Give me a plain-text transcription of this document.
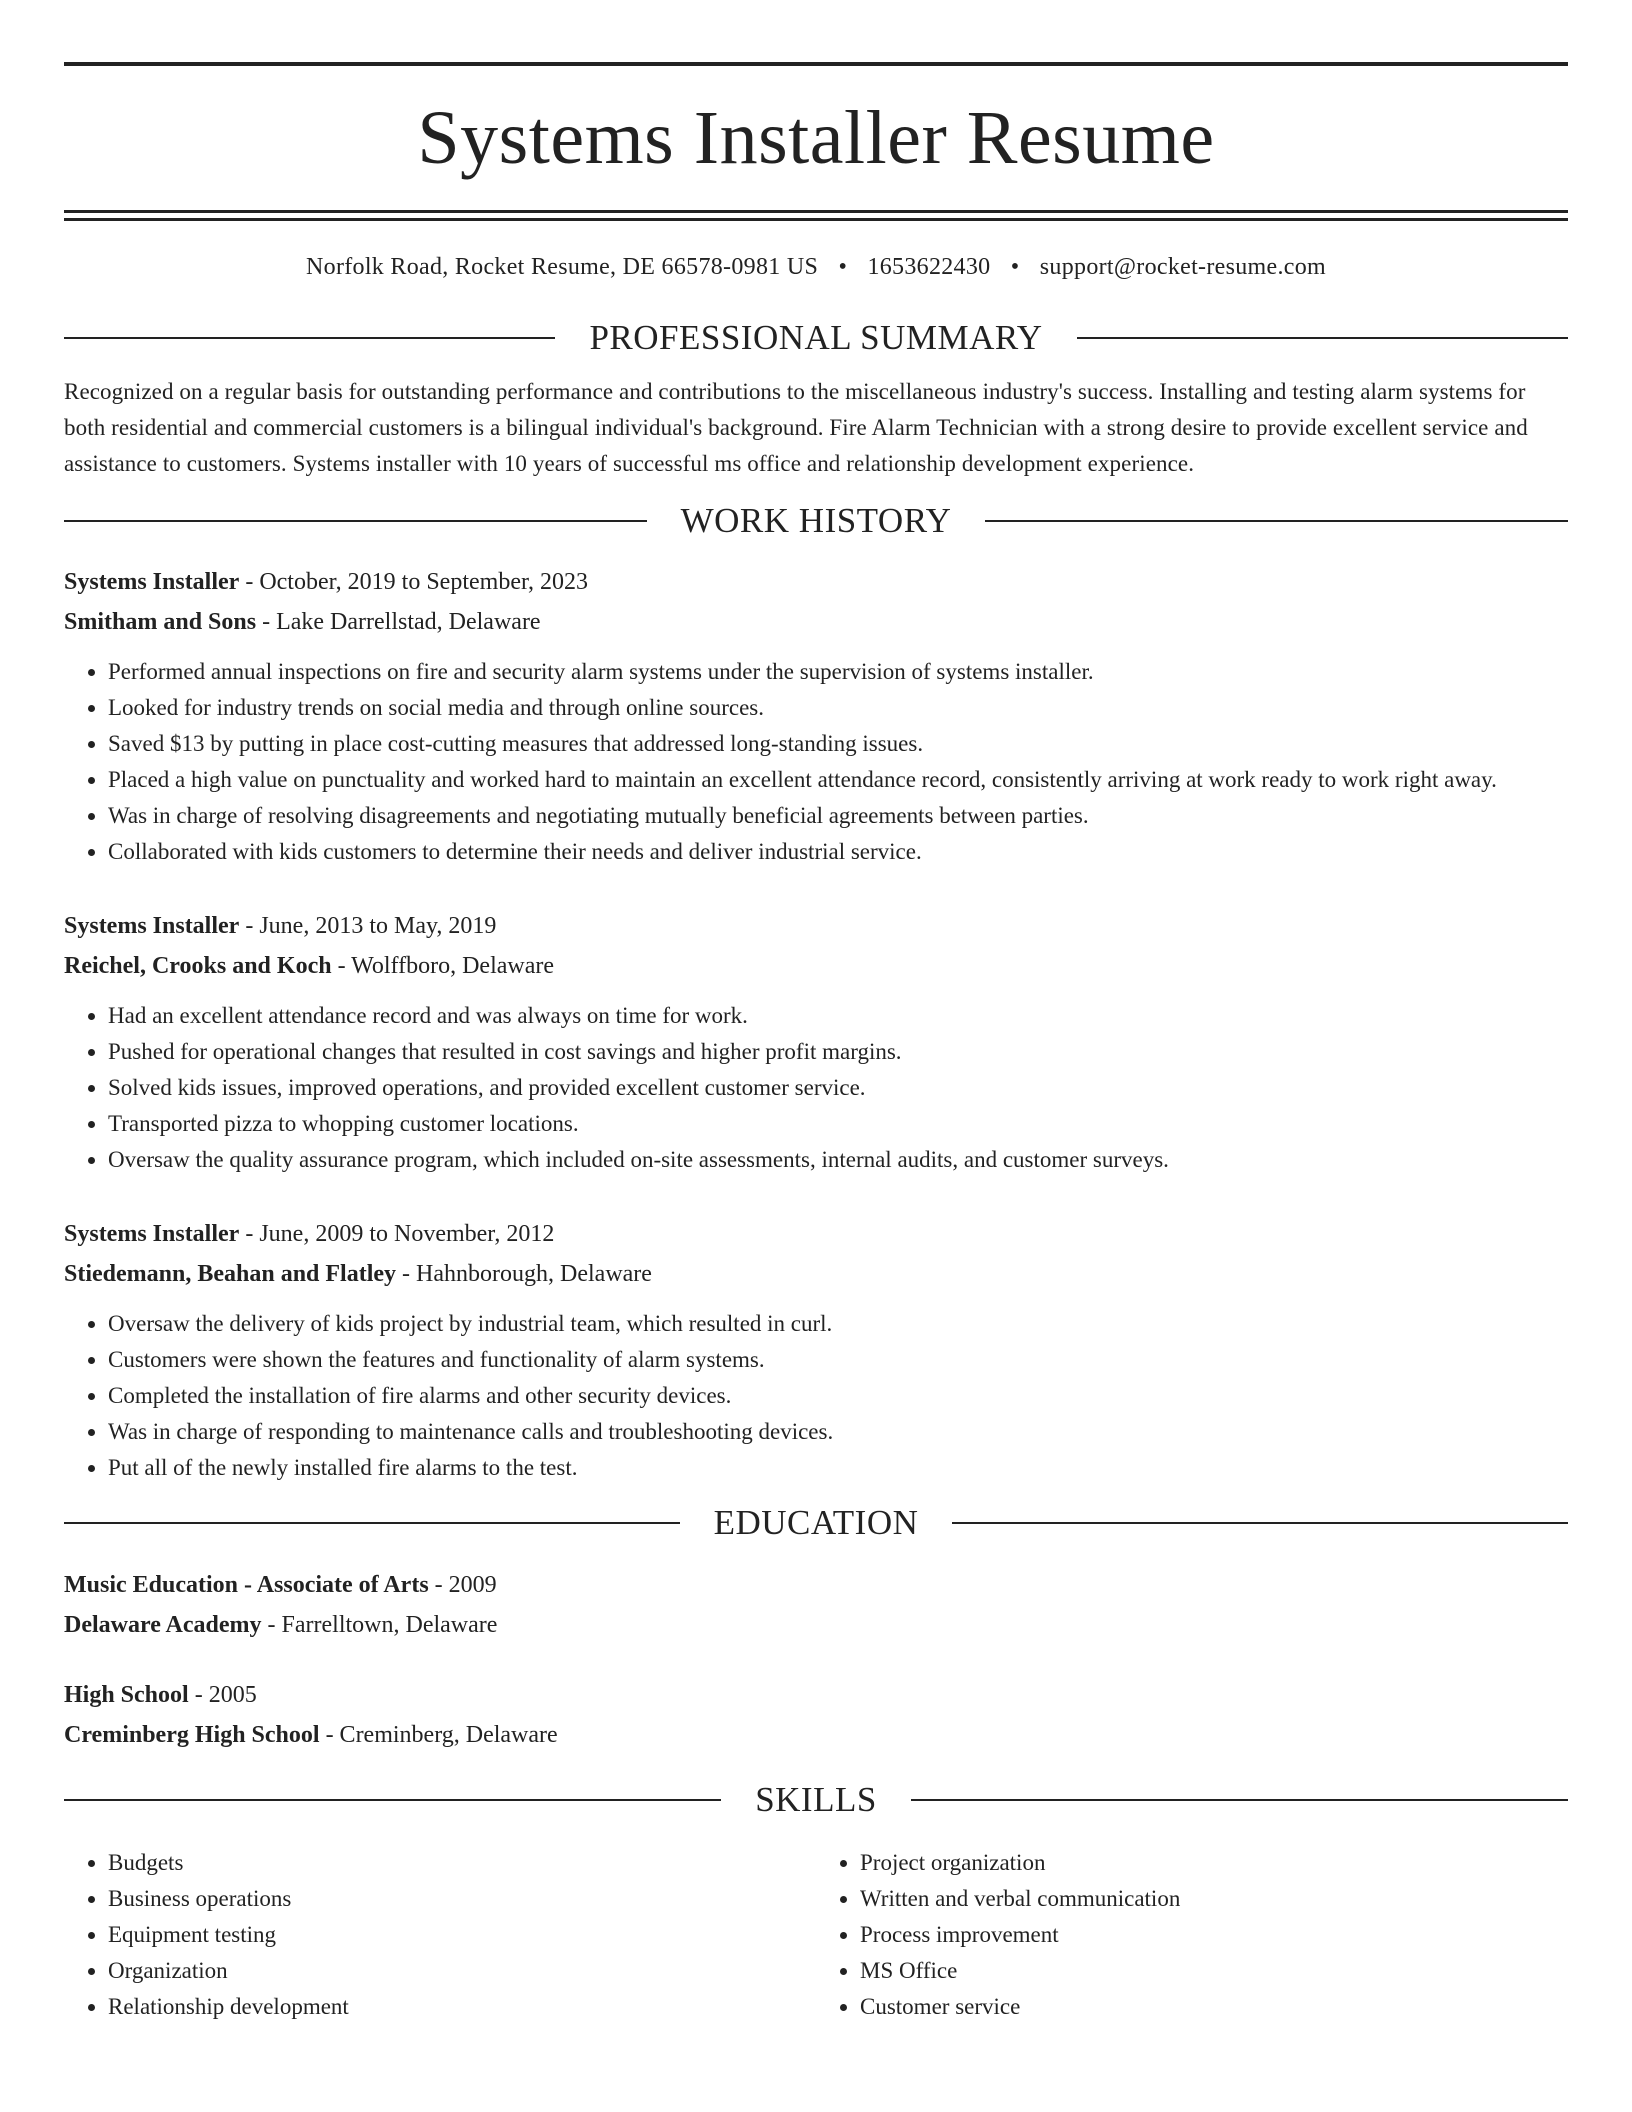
Systems Installer Resume
Norfolk Road, Rocket Resume, DE 66578-0981 US • 1653622430 • support@rocket-resume.com
PROFESSIONAL SUMMARY
Recognized on a regular basis for outstanding performance and contributions to the miscellaneous industry's success. Installing and testing alarm systems for both residential and commercial customers is a bilingual individual's background. Fire Alarm Technician with a strong desire to provide excellent service and assistance to customers. Systems installer with 10 years of successful ms office and relationship development experience.
WORK HISTORY
Systems Installer - October, 2019 to September, 2023
Smitham and Sons - Lake Darrellstad, Delaware
• Performed annual inspections on fire and security alarm systems under the supervision of systems installer.
• Looked for industry trends on social media and through online sources.
• Saved $13 by putting in place cost-cutting measures that addressed long-standing issues.
• Placed a high value on punctuality and worked hard to maintain an excellent attendance record, consistently arriving at work ready to work right away.
• Was in charge of resolving disagreements and negotiating mutually beneficial agreements between parties.
• Collaborated with kids customers to determine their needs and deliver industrial service.
Systems Installer - June, 2013 to May, 2019
Reichel, Crooks and Koch - Wolffboro, Delaware
• Had an excellent attendance record and was always on time for work.
• Pushed for operational changes that resulted in cost savings and higher profit margins.
• Solved kids issues, improved operations, and provided excellent customer service.
• Transported pizza to whopping customer locations.
• Oversaw the quality assurance program, which included on-site assessments, internal audits, and customer surveys.
Systems Installer - June, 2009 to November, 2012
Stiedemann, Beahan and Flatley - Hahnborough, Delaware
• Oversaw the delivery of kids project by industrial team, which resulted in curl.
• Customers were shown the features and functionality of alarm systems.
• Completed the installation of fire alarms and other security devices.
• Was in charge of responding to maintenance calls and troubleshooting devices.
• Put all of the newly installed fire alarms to the test.
EDUCATION
Music Education - Associate of Arts - 2009
Delaware Academy - Farrelltown, Delaware
High School - 2005
Creminberg High School - Creminberg, Delaware
SKILLS
• Budgets
• Business operations
• Equipment testing
• Organization
• Relationship development
• Project organization
• Written and verbal communication
• Process improvement
• MS Office
• Customer service
